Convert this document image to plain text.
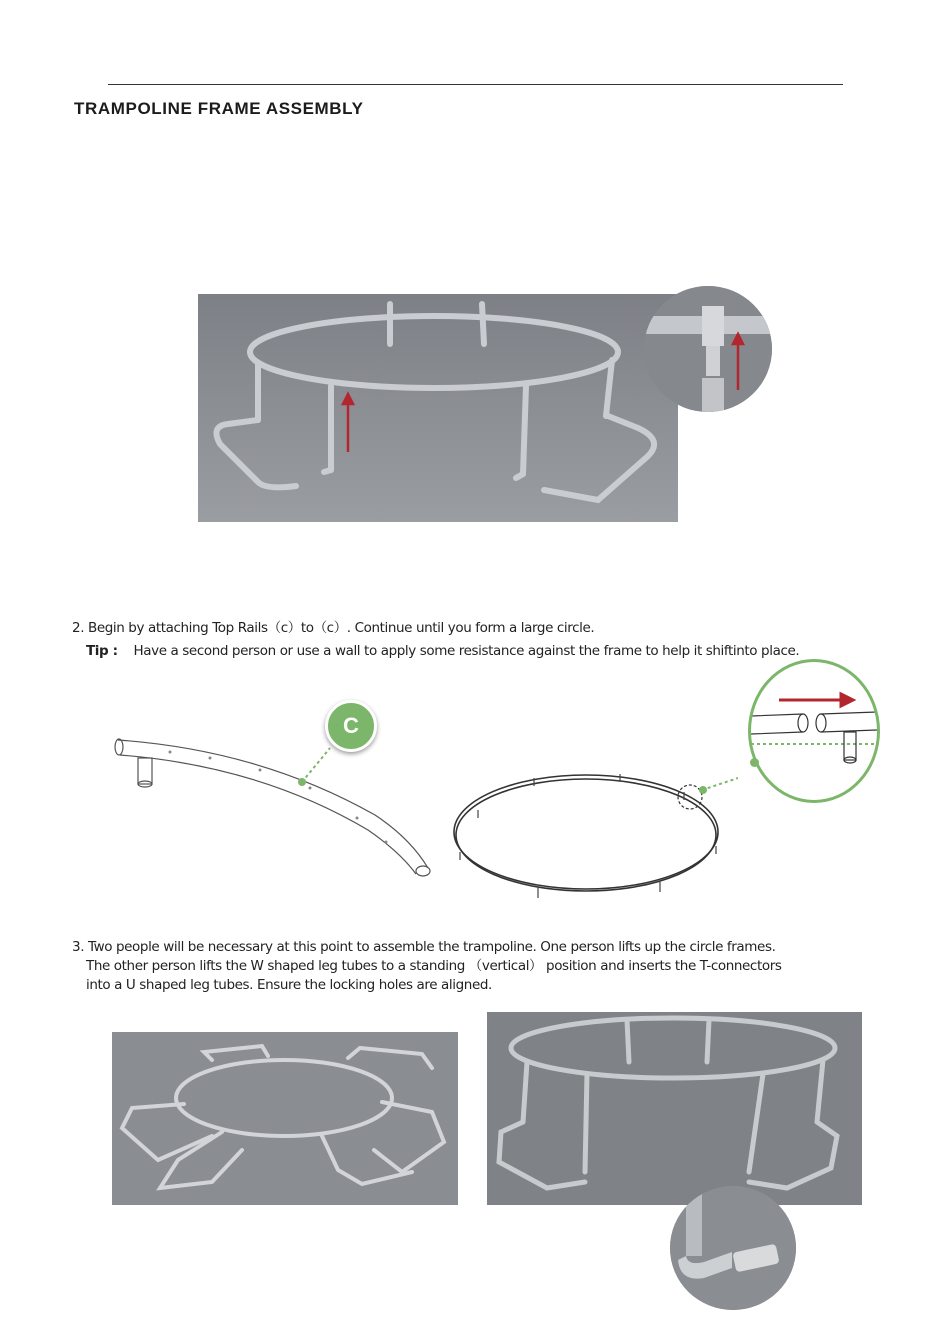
TRAMPOLINE FRAME ASSEMBLY
2. Begin by attaching Top Rails（c）to（c）. Continue until you form a large circle.
Tip : Have a second person or use a wall to apply some resistance against the frame to help it shiftinto place.
C
3. Two people will be necessary at this point to assemble the trampoline. One person lifts up the circle frames.
The other person lifts the W shaped leg tubes to a standing （vertical） position and inserts the T-connectors
into a U shaped leg tubes. Ensure the locking holes are aligned.
